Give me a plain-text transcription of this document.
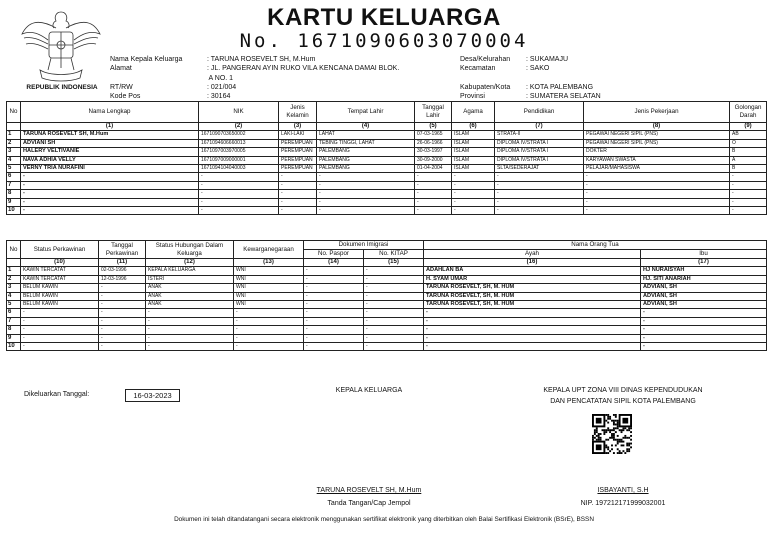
REPUBLIK INDONESIA
KARTU KELUARGA
No. 1671090603070004
Nama Kepala Keluarga	: TARUNA ROSEVELT SH, M.Hum
Alamat	: JL. PANGERAN AYIN RUKO VILA KENCANA DAMAI BLOK.
A NO. 1
RT/RW	: 021/004
Kode Pos	: 30164
Desa/Kelurahan : SUKAMAJU
Kecamatan	: SAKO

Kabupaten/Kota : KOTA PALEMBANG
Provinsi	: SUMATERA SELATAN
No	Nama Lengkap	NIK	Jenis Kelamin	Tempat Lahir	Tanggal Lahir	Agama	Pendidikan	Jenis Pekerjaan	Golongan Darah
	(1)	(2)	(3)	(4)	(5)	(6)	(7)	(8)	(9)
1	TARUNA ROSEVELT SH, M.Hum	1671090703650002	LAKI-LAKI	LAHAT	07-03-1965	ISLAM	STRATA-II	PEGAWAI NEGERI SIPIL (PNS)	AB
2	ADVIANI SH	1671094606660013	PEREMPUAN	TEBING TINGGI, LAHAT	26-06-1966	ISLAM	DIPLOMA IV/STRATA I	PEGAWAI NEGERI SIPIL (PNS)	O
3	HALERY VELTIVANIE	1671097003970005	PEREMPUAN	PALEMBANG	30-03-1997	ISLAM	DIPLOMA IV/STRATA I	DOKTER	B
4	NAVA ADHIA VELLY	1671097009000001	PEREMPUAN	PALEMBANG	30-09-2000	ISLAM	DIPLOMA IV/STRATA I	KARYAWAN SWASTA	A
5	VERNY TRIA NURAFINI	1671094104040003	PEREMPUAN	PALEMBANG	01-04-2004	ISLAM	SLTA/SEDERAJAT	PELAJAR/MAHASISWA	B
6	-	-	-	-	-	-	-	-	-
7	-	-	-	-	-	-	-	-	-
8	-	-	-	-	-	-	-	-	-
9	-	-	-	-	-	-	-	-	-
10	-	-	-	-	-	-	-	-	-
No	Status Perkawinan	Tanggal Perkawinan	Status Hubungan Dalam Keluarga	Kewarganegaraan	Dokumen Imigrasi		Nama Orang Tua	
					No. Paspor	No. KITAP	Ayah	Ibu
	(10)	(11)	(12)	(13)	(14)	(15)	(16)	(17)
1	KAWIN TERCATAT	02-03-1996	KEPALA KELUARGA	WNI	-	-	ADAHLAN BA	HJ NURAISYAH
2	KAWIN TERCATAT	12-03-1996	ISTERI	WNI	-	-	H. SYAM UMAR	HJ. SITI ANARIAH
3	BELUM KAWIN	-	ANAK	WNI	-	-	TARUNA ROSEVELT, SH, M. HUM	ADVIANI, SH
4	BELUM KAWIN	-	ANAK	WNI	-	-	TARUNA ROSEVELT, SH, M. HUM	ADVIANI, SH
5	BELUM KAWIN	-	ANAK	WNI	-	-	TARUNA ROSEVELT, SH, M. HUM	ADVIANI, SH
6	-	-	-	-	-	-	-	-
7	-	-	-	-	-	-	-	-
8	-	-	-	-	-	-	-	-
9	-	-	-	-	-	-	-	-
10	-	-	-	-	-	-	-	-
Dikeluarkan Tanggal:	16-03-2023
KEPALA KELUARGA	KEPALA UPT ZONA VIII DINAS KEPENDUDUKAN
DAN PENCATATAN SIPIL KOTA PALEMBANG
TARUNA ROSEVELT SH, M.Hum
Tanda Tangan/Cap Jempol
ISBAYANTI, S.H
NIP. 197212171999032001
Dokumen ini telah ditandatangani secara elektronik menggunakan sertifikat elektronik yang diterbitkan oleh Balai Sertifikasi Elektronik (BSrE), BSSN
